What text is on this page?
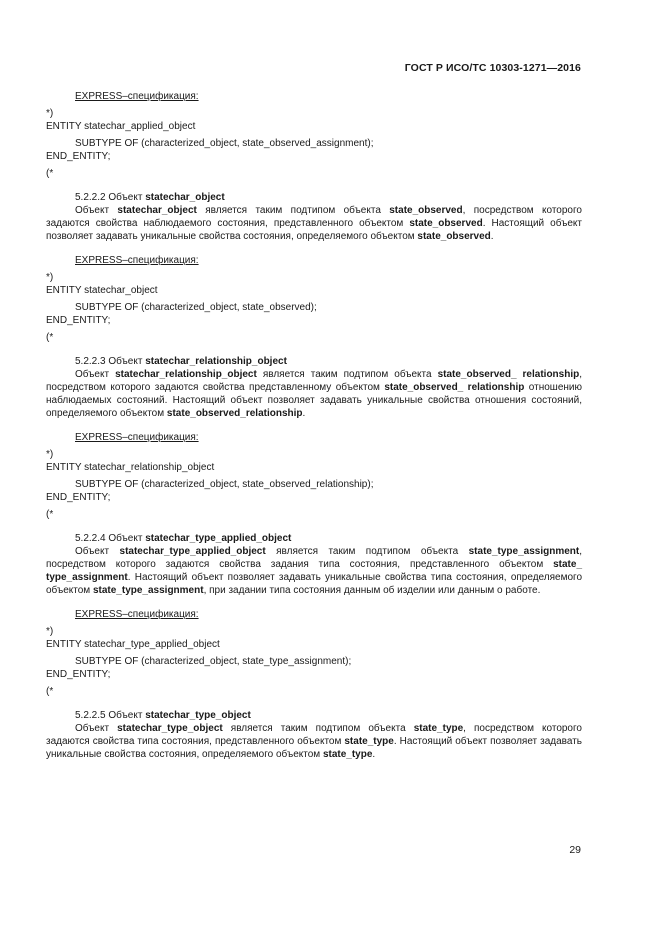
ГОСТ Р ИСО/ТС 10303-1271—2016
EXPRESS–спецификация:
*)
ENTITY statechar_applied_object
SUBTYPE OF (characterized_object, state_observed_assignment);
END_ENTITY;
(*
5.2.2.2 Объект statechar_object

Объект statechar_object является таким подтипом объекта state_observed, посредством которого задаются свойства наблюдаемого состояния, представленного объектом state_observed. Настоящий объект позволяет задавать уникальные свойства состояния, определяемого объектом state_observed.

EXPRESS–спецификация:
*)
ENTITY statechar_object
SUBTYPE OF (characterized_object, state_observed);
END_ENTITY;
(*
5.2.2.3 Объект statechar_relationship_object

Объект statechar_relationship_object является таким подтипом объекта state_observed_ relationship, посредством которого задаются свойства представленному объектом state_observed_ relationship отношению наблюдаемых состояний. Настоящий объект позволяет задавать уникальные свойства отношения состояний, определяемого объектом state_observed_relationship.

EXPRESS–спецификация:
*)
ENTITY statechar_relationship_object
SUBTYPE OF (characterized_object, state_observed_relationship);
END_ENTITY;
(*
5.2.2.4 Объект statechar_type_applied_object

Объект statechar_type_applied_object является таким подтипом объекта state_type_assignment, посредством которого задаются свойства задания типа состояния, представленного объектом state_ type_assignment. Настоящий объект позволяет задавать уникальные свойства типа состояния, определяемого объектом state_type_assignment, при задании типа состояния данным об изделии или данным о работе.

EXPRESS–спецификация:
*)
ENTITY statechar_type_applied_object
SUBTYPE OF (characterized_object, state_type_assignment);
END_ENTITY;
(*
5.2.2.5 Объект statechar_type_object

Объект statechar_type_object является таким подтипом объекта state_type, посредством которого задаются свойства типа состояния, представленного объектом state_type. Настоящий объект позволяет задавать уникальные свойства состояния, определяемого объектом state_type.

29
